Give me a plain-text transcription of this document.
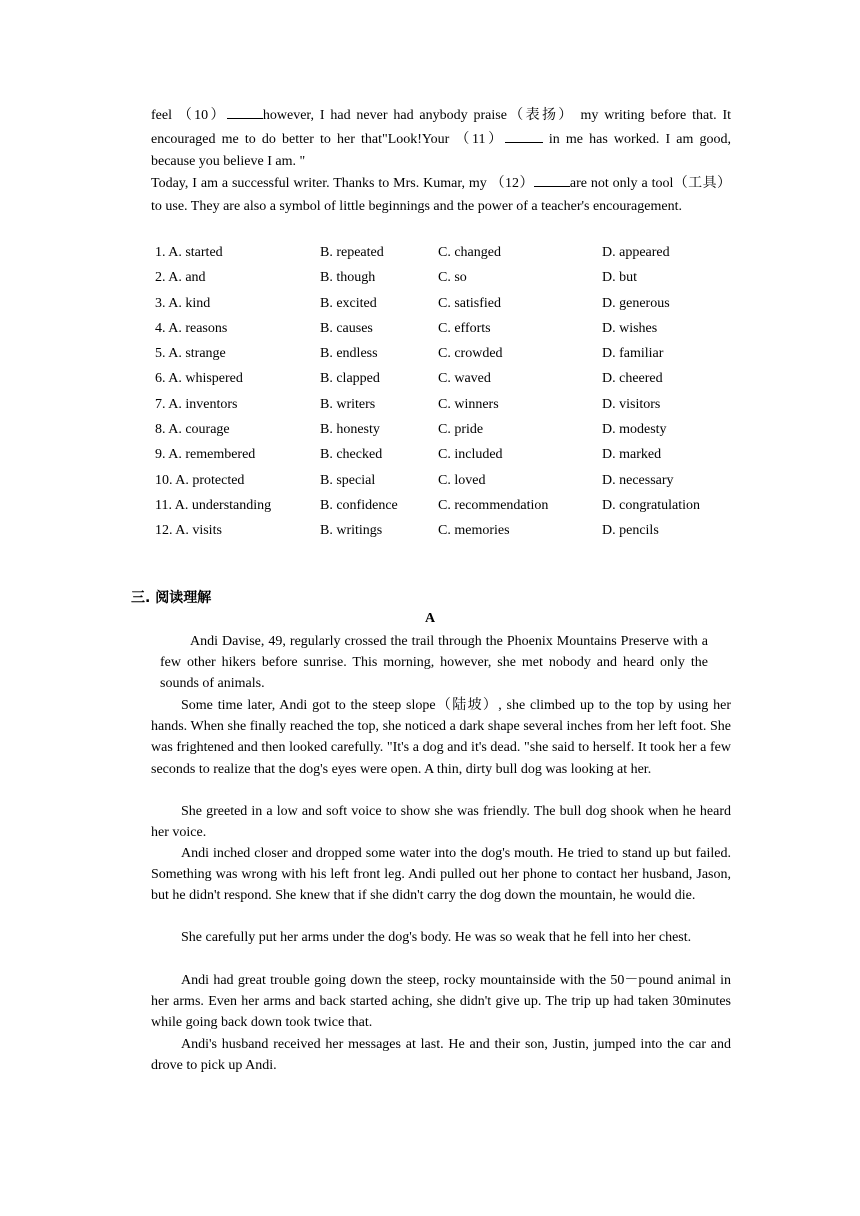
feel （10）	however, I had never had anybody praise（表扬） my writing before that. It encouraged me to do better to her that"Look!Your （11）	in me has worked. I am good, because you believe I am. "
Today, I am a successful writer. Thanks to Mrs. Kumar, my （12）	are not only a tool（工具）to use. They are also a symbol of little beginnings and the power of a teacher's encouragement.
1. A. started	B. repeated	C. changed	D. appeared
2. A. and	B. though	C. so	D. but
3. A. kind	B. excited	C. satisfied	D. generous
4. A. reasons	B. causes	C. efforts	D. wishes
5. A. strange	B. endless	C. crowded	D. familiar
6. A. whispered	B. clapped	C. waved	D. cheered
7. A. inventors	B. writers	C. winners	D. visitors
8. A. courage	B. honesty	C. pride	D. modesty
9. A. remembered	B. checked	C. included	D. marked
10. A. protected	B. special	C. loved	D. necessary
11. A. understanding	B. confidence	C. recommendation	D. congratulation
12. A. visits	B. writings	C. memories	D. pencils
三. 阅读理解
A
Andi Davise, 49, regularly crossed the trail through the Phoenix Mountains Preserve with a few other hikers before sunrise. This morning, however, she met nobody and heard only the sounds of animals.
Some time later, Andi got to the steep slope（陆坡）, she climbed up to the top by using her hands. When she finally reached the top, she noticed a dark shape several inches from her left foot. She was frightened and then looked carefully. "It's a dog and it's dead. "she said to herself. It took her a few seconds to realize that the dog's eyes were open. A thin, dirty bull dog was looking at her.
She greeted in a low and soft voice to show she was friendly. The bull dog shook when he heard her voice.
Andi inched closer and dropped some water into the dog's mouth. He tried to stand up but failed. Something was wrong with his left front leg. Andi pulled out her phone to contact her husband, Jason, but he didn't respond. She knew that if she didn't carry the dog down the mountain, he would die.
She carefully put her arms under the dog's body. He was so weak that he fell into her chest.
Andi had great trouble going down the steep, rocky mountainside with the 50－pound animal in her arms. Even her arms and back started aching, she didn't give up. The trip up had taken 30minutes while going back down took twice that.
Andi's husband received her messages at last. He and their son, Justin, jumped into the car and drove to pick up Andi.
